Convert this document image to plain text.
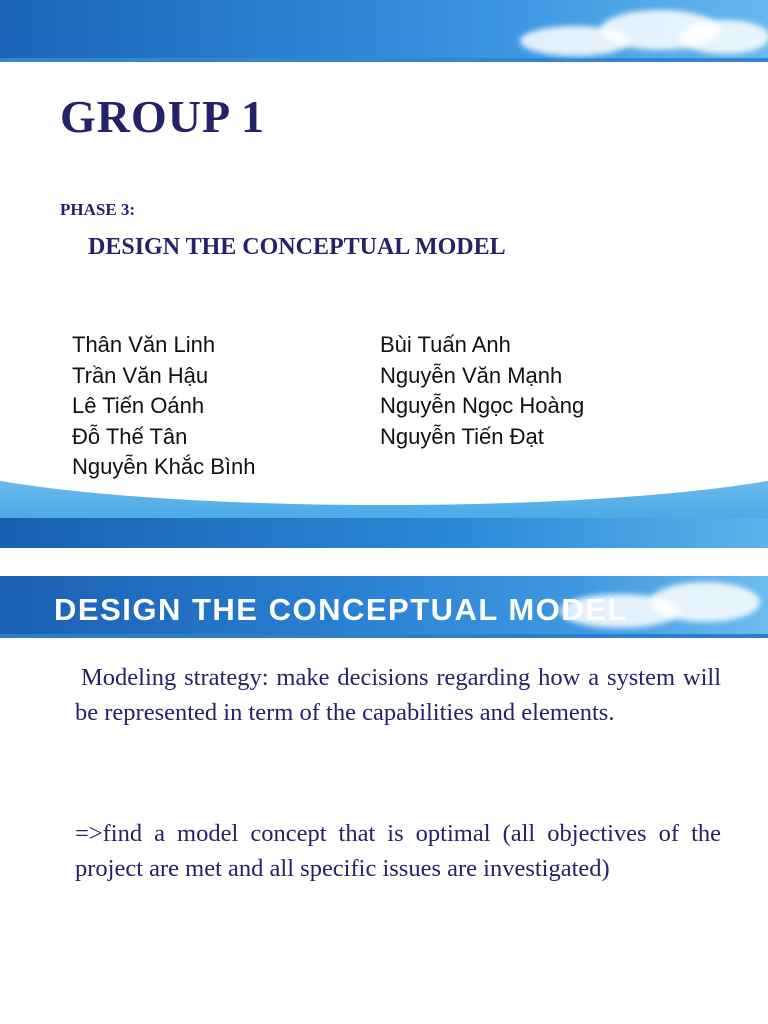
GROUP 1

PHASE 3:

DESIGN THE CONCEPTUAL MODEL

Thân Văn Linh
Trần Văn Hậu
Lê Tiến Oánh
Đỗ Thế Tân
Nguyễn Khắc Bình
Bùi Tuấn Anh
Nguyễn Văn Mạnh
Nguyễn Ngọc Hoàng
Nguyễn Tiến Đạt
DESIGN THE CONCEPTUAL MODEL

Modeling strategy: make decisions regarding how a system will be represented in term of the capabilities and elements.

=>find a model concept that is optimal (all objectives of the project are met and all specific issues are investigated)
